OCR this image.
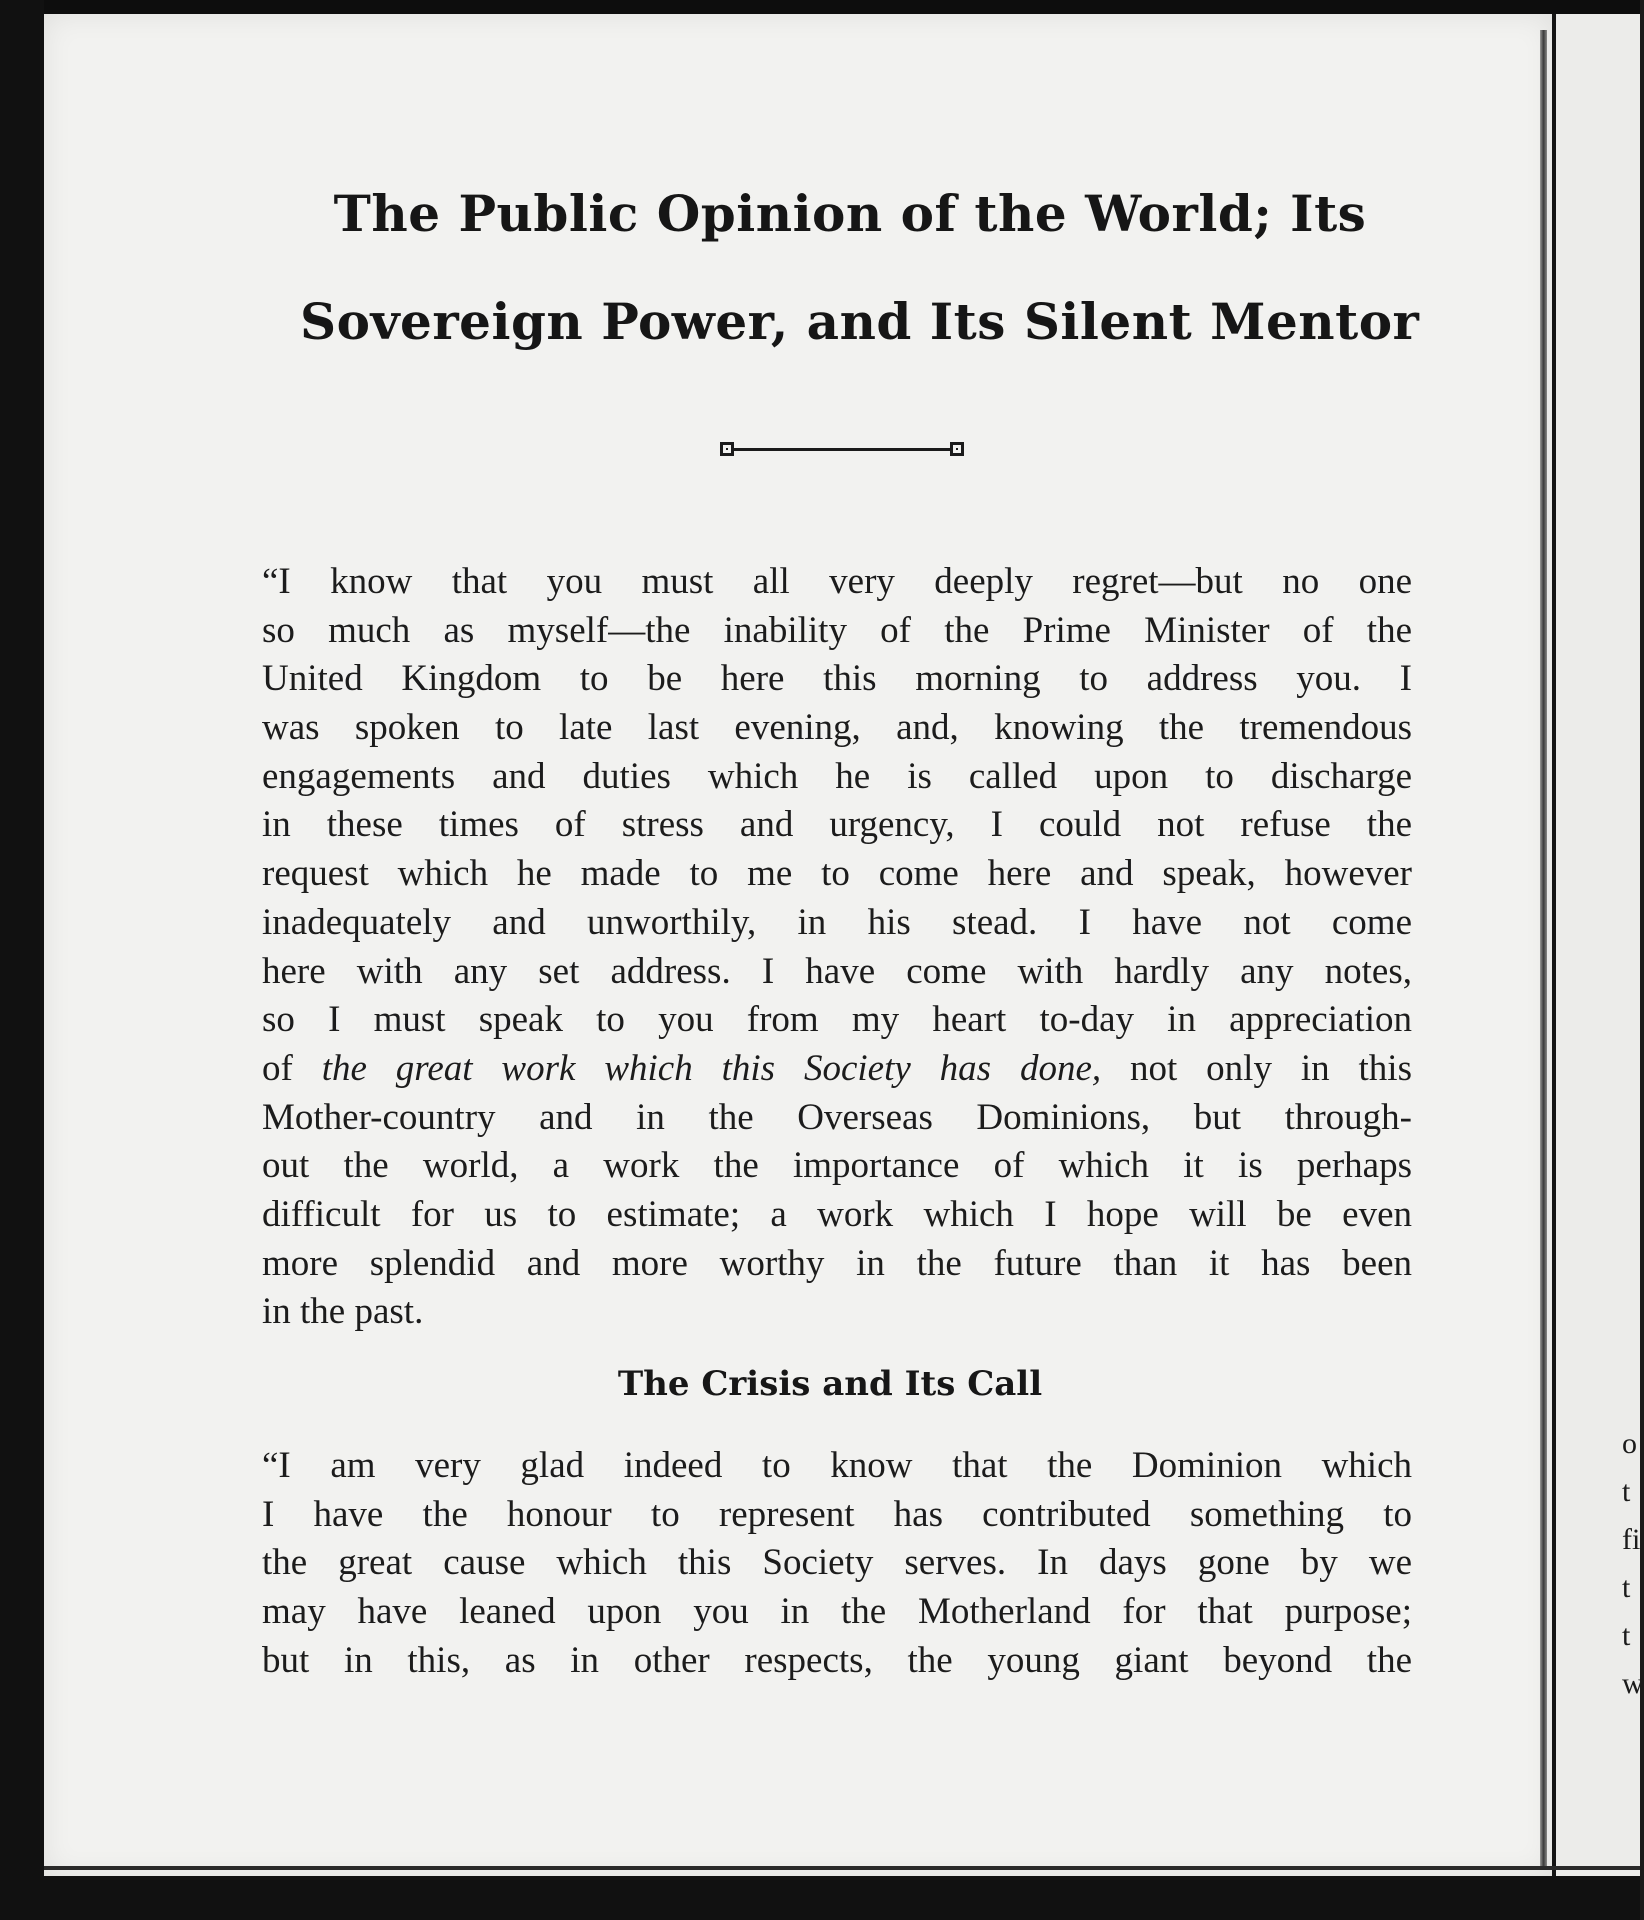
o
t
fi
t
t
w
The Public Opinion of the World; Its
Sovereign Power, and Its Silent Mentor
“I know that you must all very deeply regret—but no one
so much as myself—the inability of the Prime Minister of the
United Kingdom to be here this morning to address you. I
was spoken to late last evening, and, knowing the tremendous
engagements and duties which he is called upon to discharge
in these times of stress and urgency, I could not refuse the
request which he made to me to come here and speak, however
inadequately and unworthily, in his stead. I have not come
here with any set address. I have come with hardly any notes,
so I must speak to you from my heart to-day in appreciation
of the great work which this Society has done, not only in this
Mother-country and in the Overseas Dominions, but through-
out the world, a work the importance of which it is perhaps
difficult for us to estimate; a work which I hope will be even
more splendid and more worthy in the future than it has been
in the past.
The Crisis and Its Call
“I am very glad indeed to know that the Dominion which
I have the honour to represent has contributed something to
the great cause which this Society serves. In days gone by we
may have leaned upon you in the Motherland for that purpose;
but in this, as in other respects, the young giant beyond the
